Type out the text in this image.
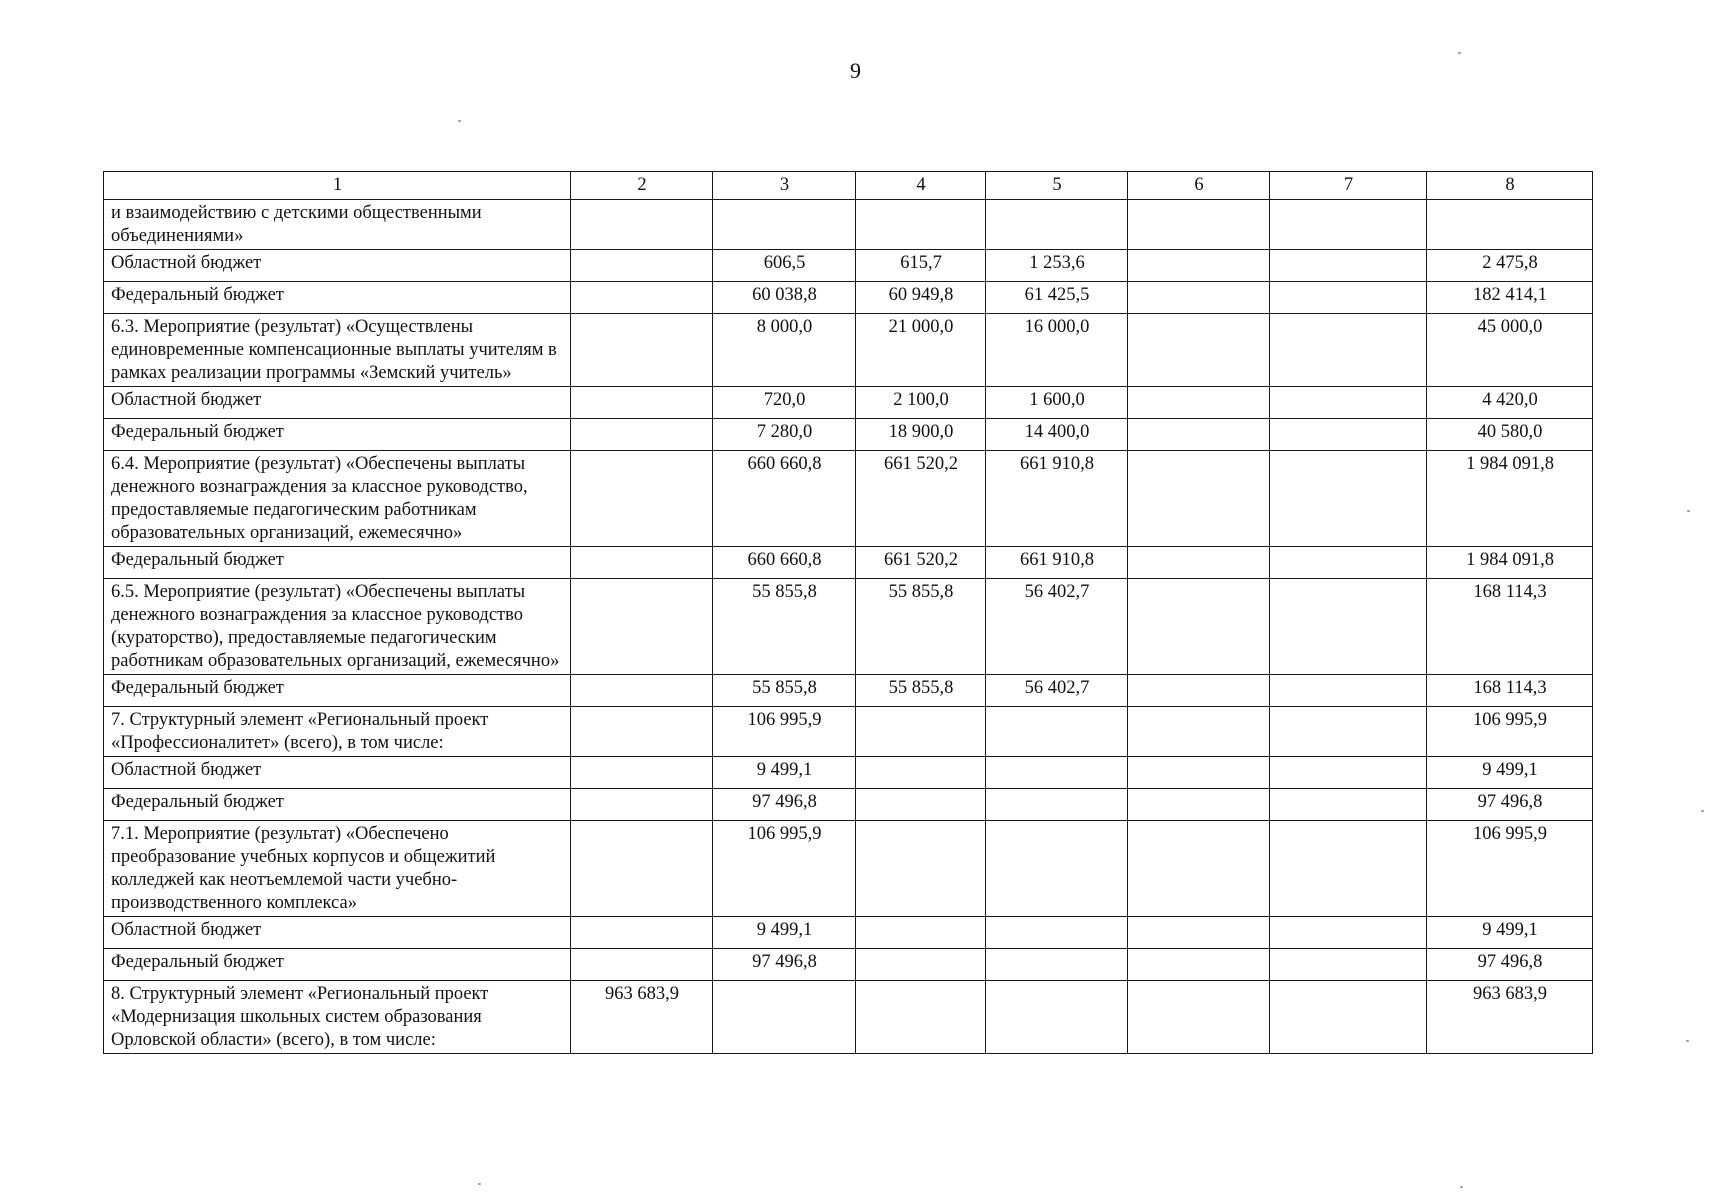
9
1	2	3	4	5	6	7	8
и взаимодействию с детскими общественными объединениями»							
Областной бюджет		606,5	615,7	1 253,6			2 475,8
Федеральный бюджет		60 038,8	60 949,8	61 425,5			182 414,1
6.3. Мероприятие (результат) «Осуществлены единовременные компенсационные выплаты учителям в рамках реализации программы «Земский учитель»		8 000,0	21 000,0	16 000,0			45 000,0
Областной бюджет		720,0	2 100,0	1 600,0			4 420,0
Федеральный бюджет		7 280,0	18 900,0	14 400,0			40 580,0
6.4. Мероприятие (результат) «Обеспечены выплаты денежного вознаграждения за классное руководство, предоставляемые педагогическим работникам образовательных организаций, ежемесячно»		660 660,8	661 520,2	661 910,8			1 984 091,8
Федеральный бюджет		660 660,8	661 520,2	661 910,8			1 984 091,8
6.5. Мероприятие (результат) «Обеспечены выплаты денежного вознаграждения за классное руководство (кураторство), предоставляемые педагогическим работникам образовательных организаций, ежемесячно»		55 855,8	55 855,8	56 402,7			168 114,3
Федеральный бюджет		55 855,8	55 855,8	56 402,7			168 114,3
7. Структурный элемент «Региональный проект «Профессионалитет» (всего), в том числе:		106 995,9					106 995,9
Областной бюджет		9 499,1					9 499,1
Федеральный бюджет		97 496,8					97 496,8
7.1. Мероприятие (результат) «Обеспечено преобразование учебных корпусов и общежитий колледжей как неотъемлемой части учебно-производственного комплекса»		106 995,9					106 995,9
Областной бюджет		9 499,1					9 499,1
Федеральный бюджет		97 496,8					97 496,8
8. Структурный элемент «Региональный проект «Модернизация школьных систем образования Орловской области» (всего), в том числе:	963 683,9						963 683,9
